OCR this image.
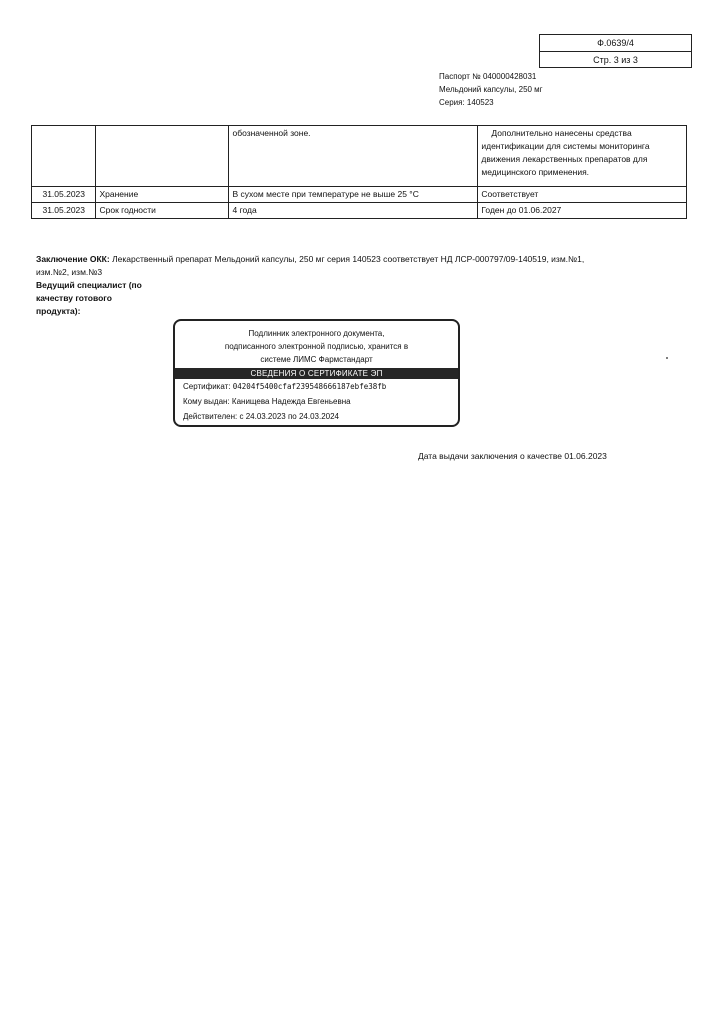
Ф.0639/4
Стр. 3 из 3
Паспорт № 040000428031
Мельдоний капсулы, 250 мг
Серия: 140523
		обозначенной зоне.	Дополнительно нанесены средства идентификации для системы мониторинга движения лекарственных препаратов для медицинского применения.
31.05.2023	Хранение	В сухом месте при температуре не выше 25 °С	Соответствует
31.05.2023	Срок годности	4 года	Годен до 01.06.2027
Заключение ОКК: Лекарственный препарат Мельдоний капсулы, 250 мг серия 140523 соответствует НД ЛСР-000797/09-140519, изм.№1, изм.№2, изм.№3
Ведущий специалист (по качеству готового продукта):
Подлинник электронного документа,
подписанного электронной подписью, хранится в
системе ЛИМС Фармстандарт
СВЕДЕНИЯ О СЕРТИФИКАТЕ ЭП
Сертификат: 04204f5400cfaf239548666187ebfe38fb
Кому выдан: Канищева Надежда Евгеньевна
Действителен: с 24.03.2023 по 24.03.2024
Дата выдачи заключения о качестве 01.06.2023
